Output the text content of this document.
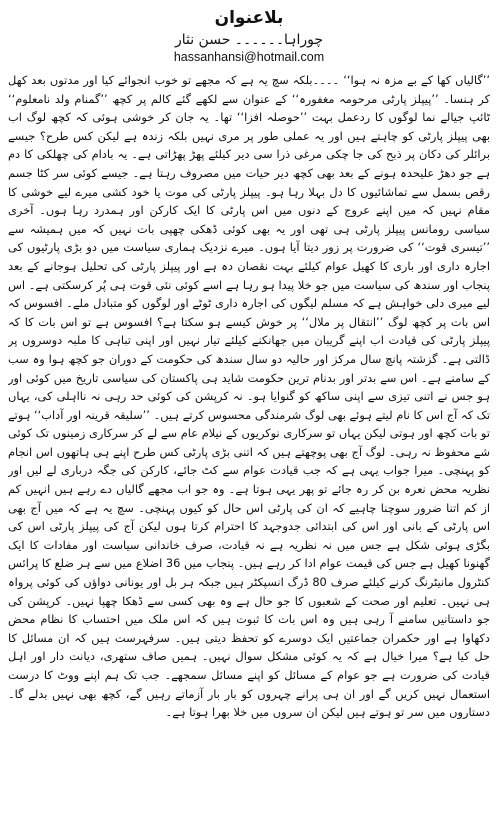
بلاعنوان
چوراہا۔۔۔۔۔۔ حسن نثار
hassanhansi@hotmail.com
’’گالیاں کھا کے بے مزہ نہ ہوا‘‘ ۔۔۔۔بلکہ سچ یہ ہے کہ مجھے تو خوب انجوائے کیا اور مدتوں بعد کھل کر ہنسا۔ ’’پیپلز پارٹی مرحومہ مغفورہ‘‘ کے عنوان سے لکھے گئے کالم پر کچھ ’’گمنام ولد نامعلوم‘‘ ٹائپ جیالے نما لوگوں کا ردعمل بہت ’’حوصلہ افزا‘‘ تھا۔ یہ جان کر خوشی ہوئی کہ کچھ لوگ اب بھی پیپلز پارٹی کو چاہتے ہیں اور یہ عملی طور پر مری نہیں بلکہ زندہ ہے لیکن کس طرح؟ جیسے برائلر کی دکان پر ذبح کی جا چکی مرغی ذرا سی دیر کیلئے پھڑ پھڑاتی ہے۔ یہ بادام کی چھلکی کا دم ہے جو دھڑ علیحدہ ہونے کے بعد بھی کچھ دیر حیات میں مصروف رہتا ہے۔ جیسے کوئی سر کٹا جسم رقص بسمل سے تماشائیوں کا دل بہلا رہا ہو۔ پیپلز پارٹی کی موت یا خود کشی میرے لیے خوشی کا مقام نہیں کہ میں اپنے عروج کے دنوں میں اس پارٹی کا ایک کارکن اور ہمدرد رہا ہوں۔ آخری سیاسی رومانس پیپلز پارٹی ہی تھی اور یہ بھی کوئی ڈھکی چھپی بات نہیں کہ میں ہمیشہ سے ’’تیسری قوت‘‘ کی ضرورت پر زور دیتا آیا ہوں۔ میرے نزدیک ہماری سیاست میں دو بڑی پارٹیوں کی اجارہ داری اور باری کا کھیل عوام کیلئے بہت نقصان دہ ہے اور پیپلز پارٹی کی تحلیل ہوجانے کے بعد پنجاب اور سندھ کی سیاست میں جو خلا پیدا ہو رہا ہے اسے کوئی نئی قوت ہی پُر کرسکتی ہے۔ اس لیے میری دلی خواہش ہے کہ مسلم لیگوں کی اجارہ داری ٹوٹے اور لوگوں کو متبادل ملے۔ افسوس کہ اس بات پر کچھ لوگ ’’انتقال پر ملال‘‘ پر خوش کیسے ہو سکتا ہے؟ افسوس ہے تو اس بات کا کہ پیپلز پارٹی کی قیادت اب اپنے گریبان میں جھانکنے کیلئے تیار نہیں اور اپنی تباہی کا ملبہ دوسروں پر ڈالتی ہے۔ گزشتہ پانچ سال مرکز اور حالیہ دو سال سندھ کی حکومت کے دوران جو کچھ ہوا وہ سب کے سامنے ہے۔ اس سے بدتر اور بدنام ترین حکومت شاید ہی پاکستان کی سیاسی تاریخ میں کوئی اور ہو جس نے اتنی تیزی سے اپنی ساکھ کو گنوایا ہو۔ نہ کرپشن کی کوئی حد رہی نہ نااہلی کی، یہاں تک کہ آج اس کا نام لیتے ہوئے بھی لوگ شرمندگی محسوس کرتے ہیں۔ ’’سلیقہ قرینہ اور آداب‘‘ ہوتے تو بات کچھ اور ہوتی لیکن یہاں تو سرکاری نوکریوں کے نیلام عام سے لے کر سرکاری زمینوں تک کوئی شے محفوظ نہ رہی۔ لوگ آج بھی پوچھتے ہیں کہ اتنی بڑی پارٹی کس طرح اپنے ہی ہاتھوں اس انجام کو پہنچی۔ میرا جواب یہی ہے کہ جب قیادت عوام سے کٹ جائے، کارکن کی جگہ درباری لے لیں اور نظریہ محض نعرہ بن کر رہ جائے تو پھر یہی ہوتا ہے۔ وہ جو اب مجھے گالیاں دے رہے ہیں انہیں کم از کم اتنا ضرور سوچنا چاہیے کہ ان کی پارٹی اس حال کو کیوں پہنچی۔ سچ یہ ہے کہ میں آج بھی اس پارٹی کے بانی اور اس کی ابتدائی جدوجہد کا احترام کرتا ہوں لیکن آج کی پیپلز پارٹی اس کی بگڑی ہوئی شکل ہے جس میں نہ نظریہ ہے نہ قیادت، صرف خاندانی سیاست اور مفادات کا ایک گھنونا کھیل ہے جس کی قیمت عوام ادا کر رہے ہیں۔ پنجاب میں 36 اضلاع میں سے ہر ضلع کا پرائس کنٹرول مانیٹرنگ کرنے کیلئے صرف 80 ڈرگ انسپکٹر ہیں جبکہ ہر بل اور یونانی دواؤں کی کوئی پرواہ ہی نہیں۔ تعلیم اور صحت کے شعبوں کا جو حال ہے وہ بھی کسی سے ڈھکا چھپا نہیں۔ کرپشن کی جو داستانیں سامنے آ رہی ہیں وہ اس بات کا ثبوت ہیں کہ اس ملک میں احتساب کا نظام محض دکھاوا ہے اور حکمران جماعتیں ایک دوسرے کو تحفظ دیتی ہیں۔ سرفہرست ہیں کہ ان مسائل کا حل کیا ہے؟ میرا خیال ہے کہ یہ کوئی مشکل سوال نہیں۔ ہمیں صاف ستھری، دیانت دار اور اہل قیادت کی ضرورت ہے جو عوام کے مسائل کو اپنے مسائل سمجھے۔ جب تک ہم اپنے ووٹ کا درست استعمال نہیں کریں گے اور ان ہی پرانے چہروں کو بار بار آزماتے رہیں گے، کچھ بھی نہیں بدلے گا۔ دستاروں میں سر تو ہوتے ہیں لیکن ان سروں میں خلا بھرا ہوتا ہے۔
